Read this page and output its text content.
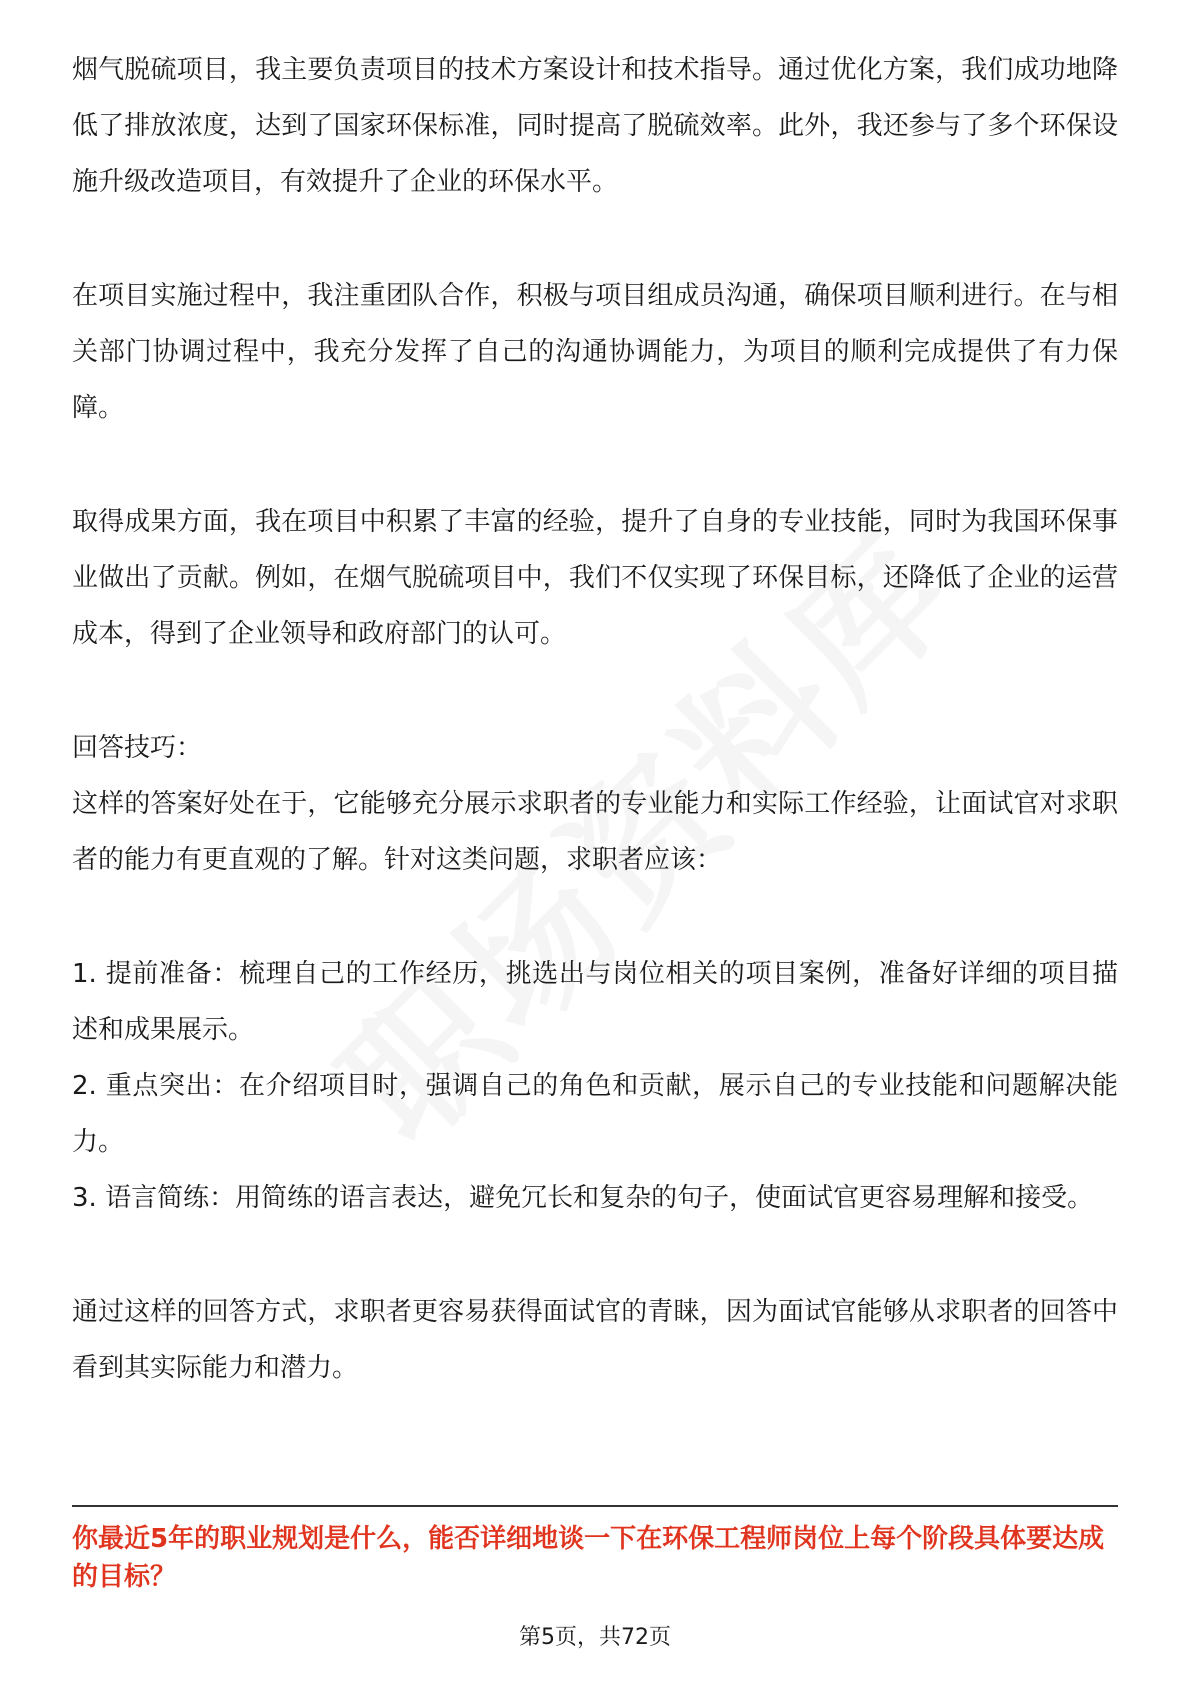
烟气脱硫项目，我主要负责项目的技术方案设计和技术指导。通过优化方案，我们成功地降低了排放浓度，达到了国家环保标准，同时提高了脱硫效率。此外，我还参与了多个环保设施升级改造项目，有效提升了企业的环保水平。

在项目实施过程中，我注重团队合作，积极与项目组成员沟通，确保项目顺利进行。在与相关部门协调过程中，我充分发挥了自己的沟通协调能力，为项目的顺利完成提供了有力保障。

取得成果方面，我在项目中积累了丰富的经验，提升了自身的专业技能，同时为我国环保事业做出了贡献。例如，在烟气脱硫项目中，我们不仅实现了环保目标，还降低了企业的运营成本，得到了企业领导和政府部门的认可。

回答技巧：

这样的答案好处在于，它能够充分展示求职者的专业能力和实际工作经验，让面试官对求职者的能力有更直观的了解。针对这类问题，求职者应该：

1. 提前准备：梳理自己的工作经历，挑选出与岗位相关的项目案例，准备好详细的项目描述和成果展示。

2. 重点突出：在介绍项目时，强调自己的角色和贡献，展示自己的专业技能和问题解决能力。

3. 语言简练：用简练的语言表达，避免冗长和复杂的句子，使面试官更容易理解和接受。

通过这样的回答方式，求职者更容易获得面试官的青睐，因为面试官能够从求职者的回答中看到其实际能力和潜力。

你最近5年的职业规划是什么，能否详细地谈一下在环保工程师岗位上每个阶段具体要达成的目标？
第5页，共72页
